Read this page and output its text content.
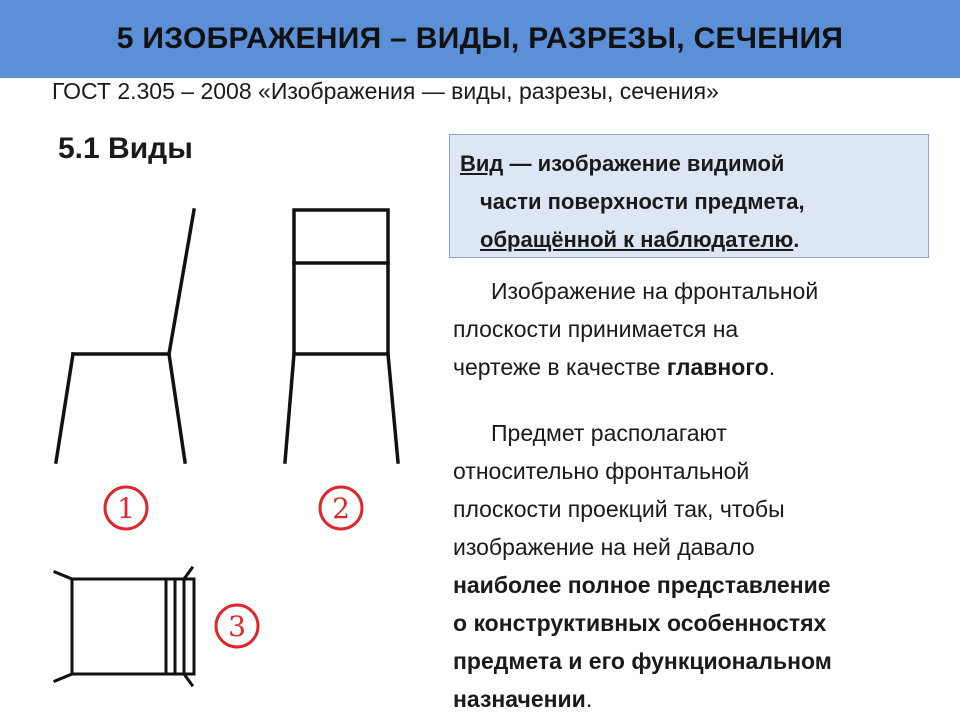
5 ИЗОБРАЖЕНИЯ – ВИДЫ, РАЗРЕЗЫ, СЕЧЕНИЯ
ГОСТ 2.305 – 2008 «Изображения — виды, разрезы, сечения»
5.1 Виды	Вид — изображение видимой
части поверхности предмета,
обращённой к наблюдателю.
Изображение на фронтальной
плоскости принимается на
чертеже в качестве главного.
Предмет располагают
относительно фронтальной
плоскости проекций так, чтобы
изображение на ней давало
наиболее полное представление
о конструктивных особенностях
предмета и его функциональном
назначении.
1	2
3
